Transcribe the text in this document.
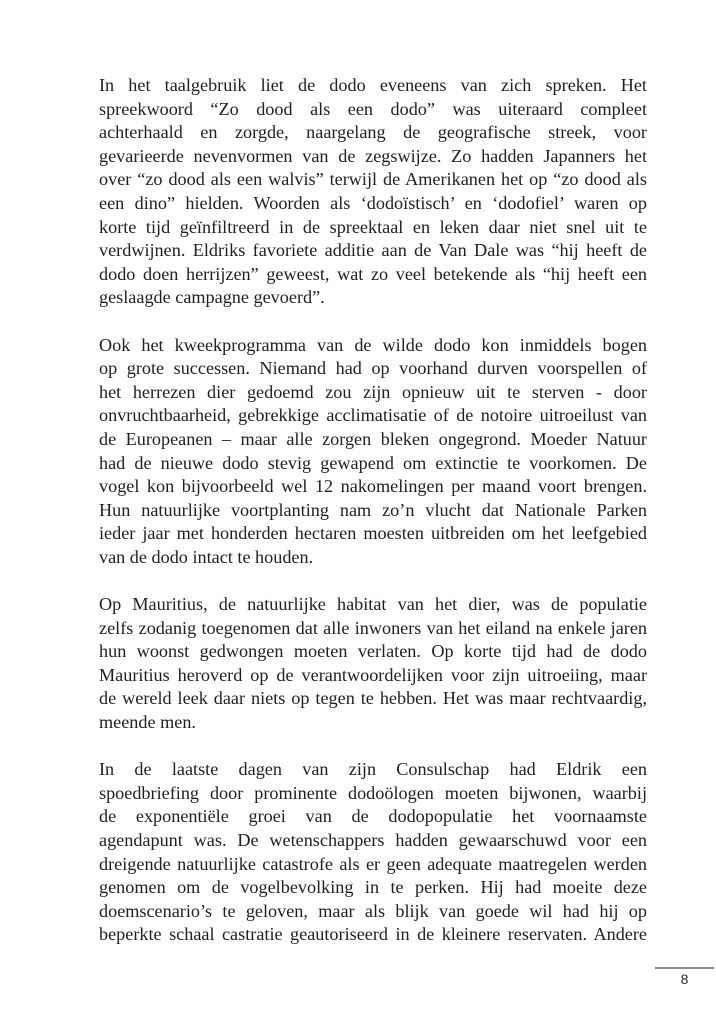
In het taalgebruik liet de dodo eveneens van zich spreken. Het
spreekwoord “Zo dood als een dodo” was uiteraard compleet
achterhaald en zorgde, naargelang de geografische streek, voor
gevarieerde nevenvormen van de zegswijze. Zo hadden Japanners het
over “zo dood als een walvis” terwijl de Amerikanen het op “zo dood als
een dino” hielden. Woorden als ‘dodoïstisch’ en ‘dodofiel’ waren op
korte tijd geïnfiltreerd in de spreektaal en leken daar niet snel uit te
verdwijnen. Eldriks favoriete additie aan de Van Dale was “hij heeft de
dodo doen herrijzen” geweest, wat zo veel betekende als “hij heeft een
geslaagde campagne gevoerd”.
Ook het kweekprogramma van de wilde dodo kon inmiddels bogen
op grote successen. Niemand had op voorhand durven voorspellen of
het herrezen dier gedoemd zou zijn opnieuw uit te sterven - door
onvruchtbaarheid, gebrekkige acclimatisatie of de notoire uitroeilust van
de Europeanen – maar alle zorgen bleken ongegrond. Moeder Natuur
had de nieuwe dodo stevig gewapend om extinctie te voorkomen. De
vogel kon bijvoorbeeld wel 12 nakomelingen per maand voort brengen.
Hun natuurlijke voortplanting nam zo’n vlucht dat Nationale Parken
ieder jaar met honderden hectaren moesten uitbreiden om het leefgebied
van de dodo intact te houden.
Op Mauritius, de natuurlijke habitat van het dier, was de populatie
zelfs zodanig toegenomen dat alle inwoners van het eiland na enkele jaren
hun woonst gedwongen moeten verlaten. Op korte tijd had de dodo
Mauritius heroverd op de verantwoordelijken voor zijn uitroeiing, maar
de wereld leek daar niets op tegen te hebben. Het was maar rechtvaardig,
meende men.
In de laatste dagen van zijn Consulschap had Eldrik een
spoedbriefing door prominente dodoölogen moeten bijwonen, waarbij
de exponentiële groei van de dodopopulatie het voornaamste
agendapunt was. De wetenschappers hadden gewaarschuwd voor een
dreigende natuurlijke catastrofe als er geen adequate maatregelen werden
genomen om de vogelbevolking in te perken. Hij had moeite deze
doemscenario’s te geloven, maar als blijk van goede wil had hij op
beperkte schaal castratie geautoriseerd in de kleinere reservaten. Andere
8
